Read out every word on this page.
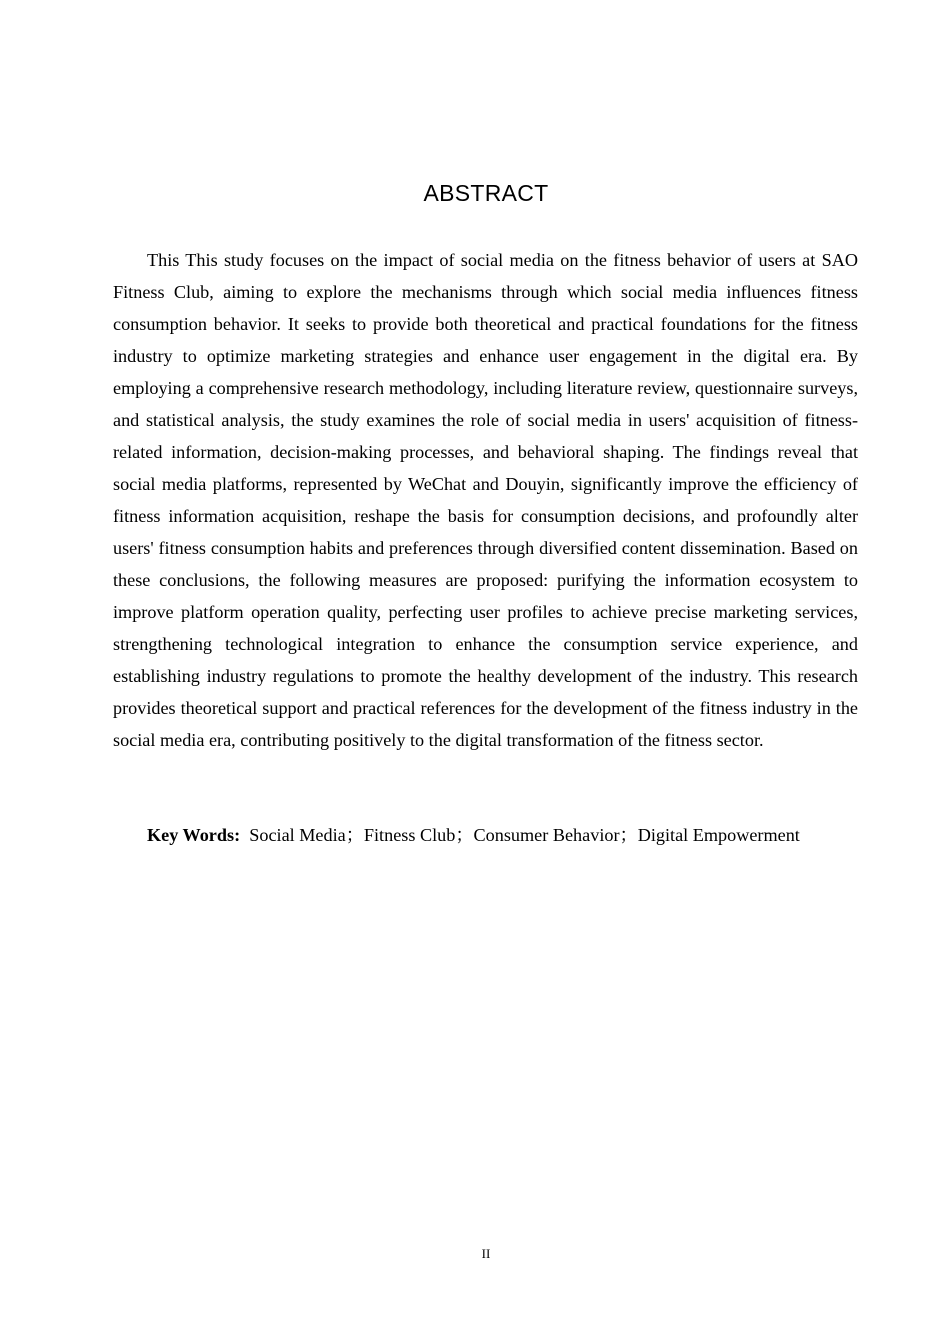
ABSTRACT

This This study focuses on the impact of social media on the fitness behavior of users at SAO Fitness Club, aiming to explore the mechanisms through which social media influences fitness consumption behavior. It seeks to provide both theoretical and practical foundations for the fitness industry to optimize marketing strategies and enhance user engagement in the digital era. By employing a comprehensive research methodology, including literature review, questionnaire surveys, and statistical analysis, the study examines the role of social media in users' acquisition of fitness-related information, decision-making processes, and behavioral shaping. The findings reveal that social media platforms, represented by WeChat and Douyin, significantly improve the efficiency of fitness information acquisition, reshape the basis for consumption decisions, and profoundly alter users' fitness consumption habits and preferences through diversified content dissemination. Based on these conclusions, the following measures are proposed: purifying the information ecosystem to improve platform operation quality, perfecting user profiles to achieve precise marketing services, strengthening technological integration to enhance the consumption service experience, and establishing industry regulations to promote the healthy development of the industry. This research provides theoretical support and practical references for the development of the fitness industry in the social media era, contributing positively to the digital transformation of the fitness sector.

Key Words: Social Media；Fitness Club；Consumer Behavior；Digital Empowerment

II
